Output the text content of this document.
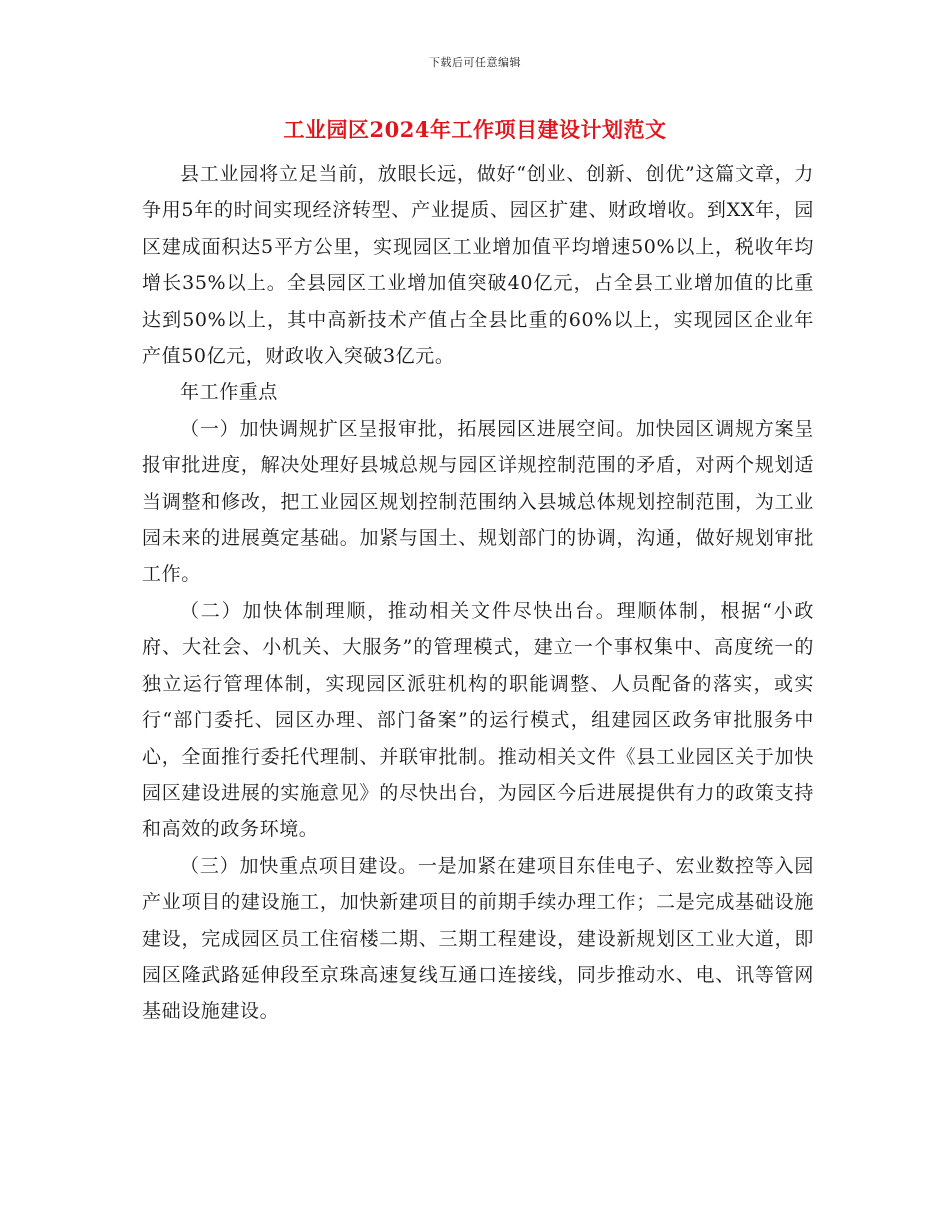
下载后可任意编辑
工业园区2024年工作项目建设计划范文

县工业园将立足当前，放眼长远，做好“创业、创新、创优”这篇文章，力争用5年的时间实现经济转型、产业提质、园区扩建、财政增收。到XX年，园区建成面积达5平方公里，实现园区工业增加值平均增速50%以上，税收年均增长35%以上。全县园区工业增加值突破40亿元，占全县工业增加值的比重达到50%以上，其中高新技术产值占全县比重的60%以上，实现园区企业年产值50亿元，财政收入突破3亿元。

年工作重点

（一）加快调规扩区呈报审批，拓展园区进展空间。加快园区调规方案呈报审批进度，解决处理好县城总规与园区详规控制范围的矛盾，对两个规划适当调整和修改，把工业园区规划控制范围纳入县城总体规划控制范围，为工业园未来的进展奠定基础。加紧与国土、规划部门的协调，沟通，做好规划审批工作。

（二）加快体制理顺，推动相关文件尽快出台。理顺体制，根据“小政府、大社会、小机关、大服务”的管理模式，建立一个事权集中、高度统一的独立运行管理体制，实现园区派驻机构的职能调整、人员配备的落实，或实行“部门委托、园区办理、部门备案”的运行模式，组建园区政务审批服务中心，全面推行委托代理制、并联审批制。推动相关文件《县工业园区关于加快园区建设进展的实施意见》的尽快出台，为园区今后进展提供有力的政策支持和高效的政务环境。

（三）加快重点项目建设。一是加紧在建项目东佳电子、宏业数控等入园产业项目的建设施工，加快新建项目的前期手续办理工作；二是完成基础设施建设，完成园区员工住宿楼二期、三期工程建设，建设新规划区工业大道，即园区隆武路延伸段至京珠高速复线互通口连接线，同步推动水、电、讯等管网基础设施建设。
